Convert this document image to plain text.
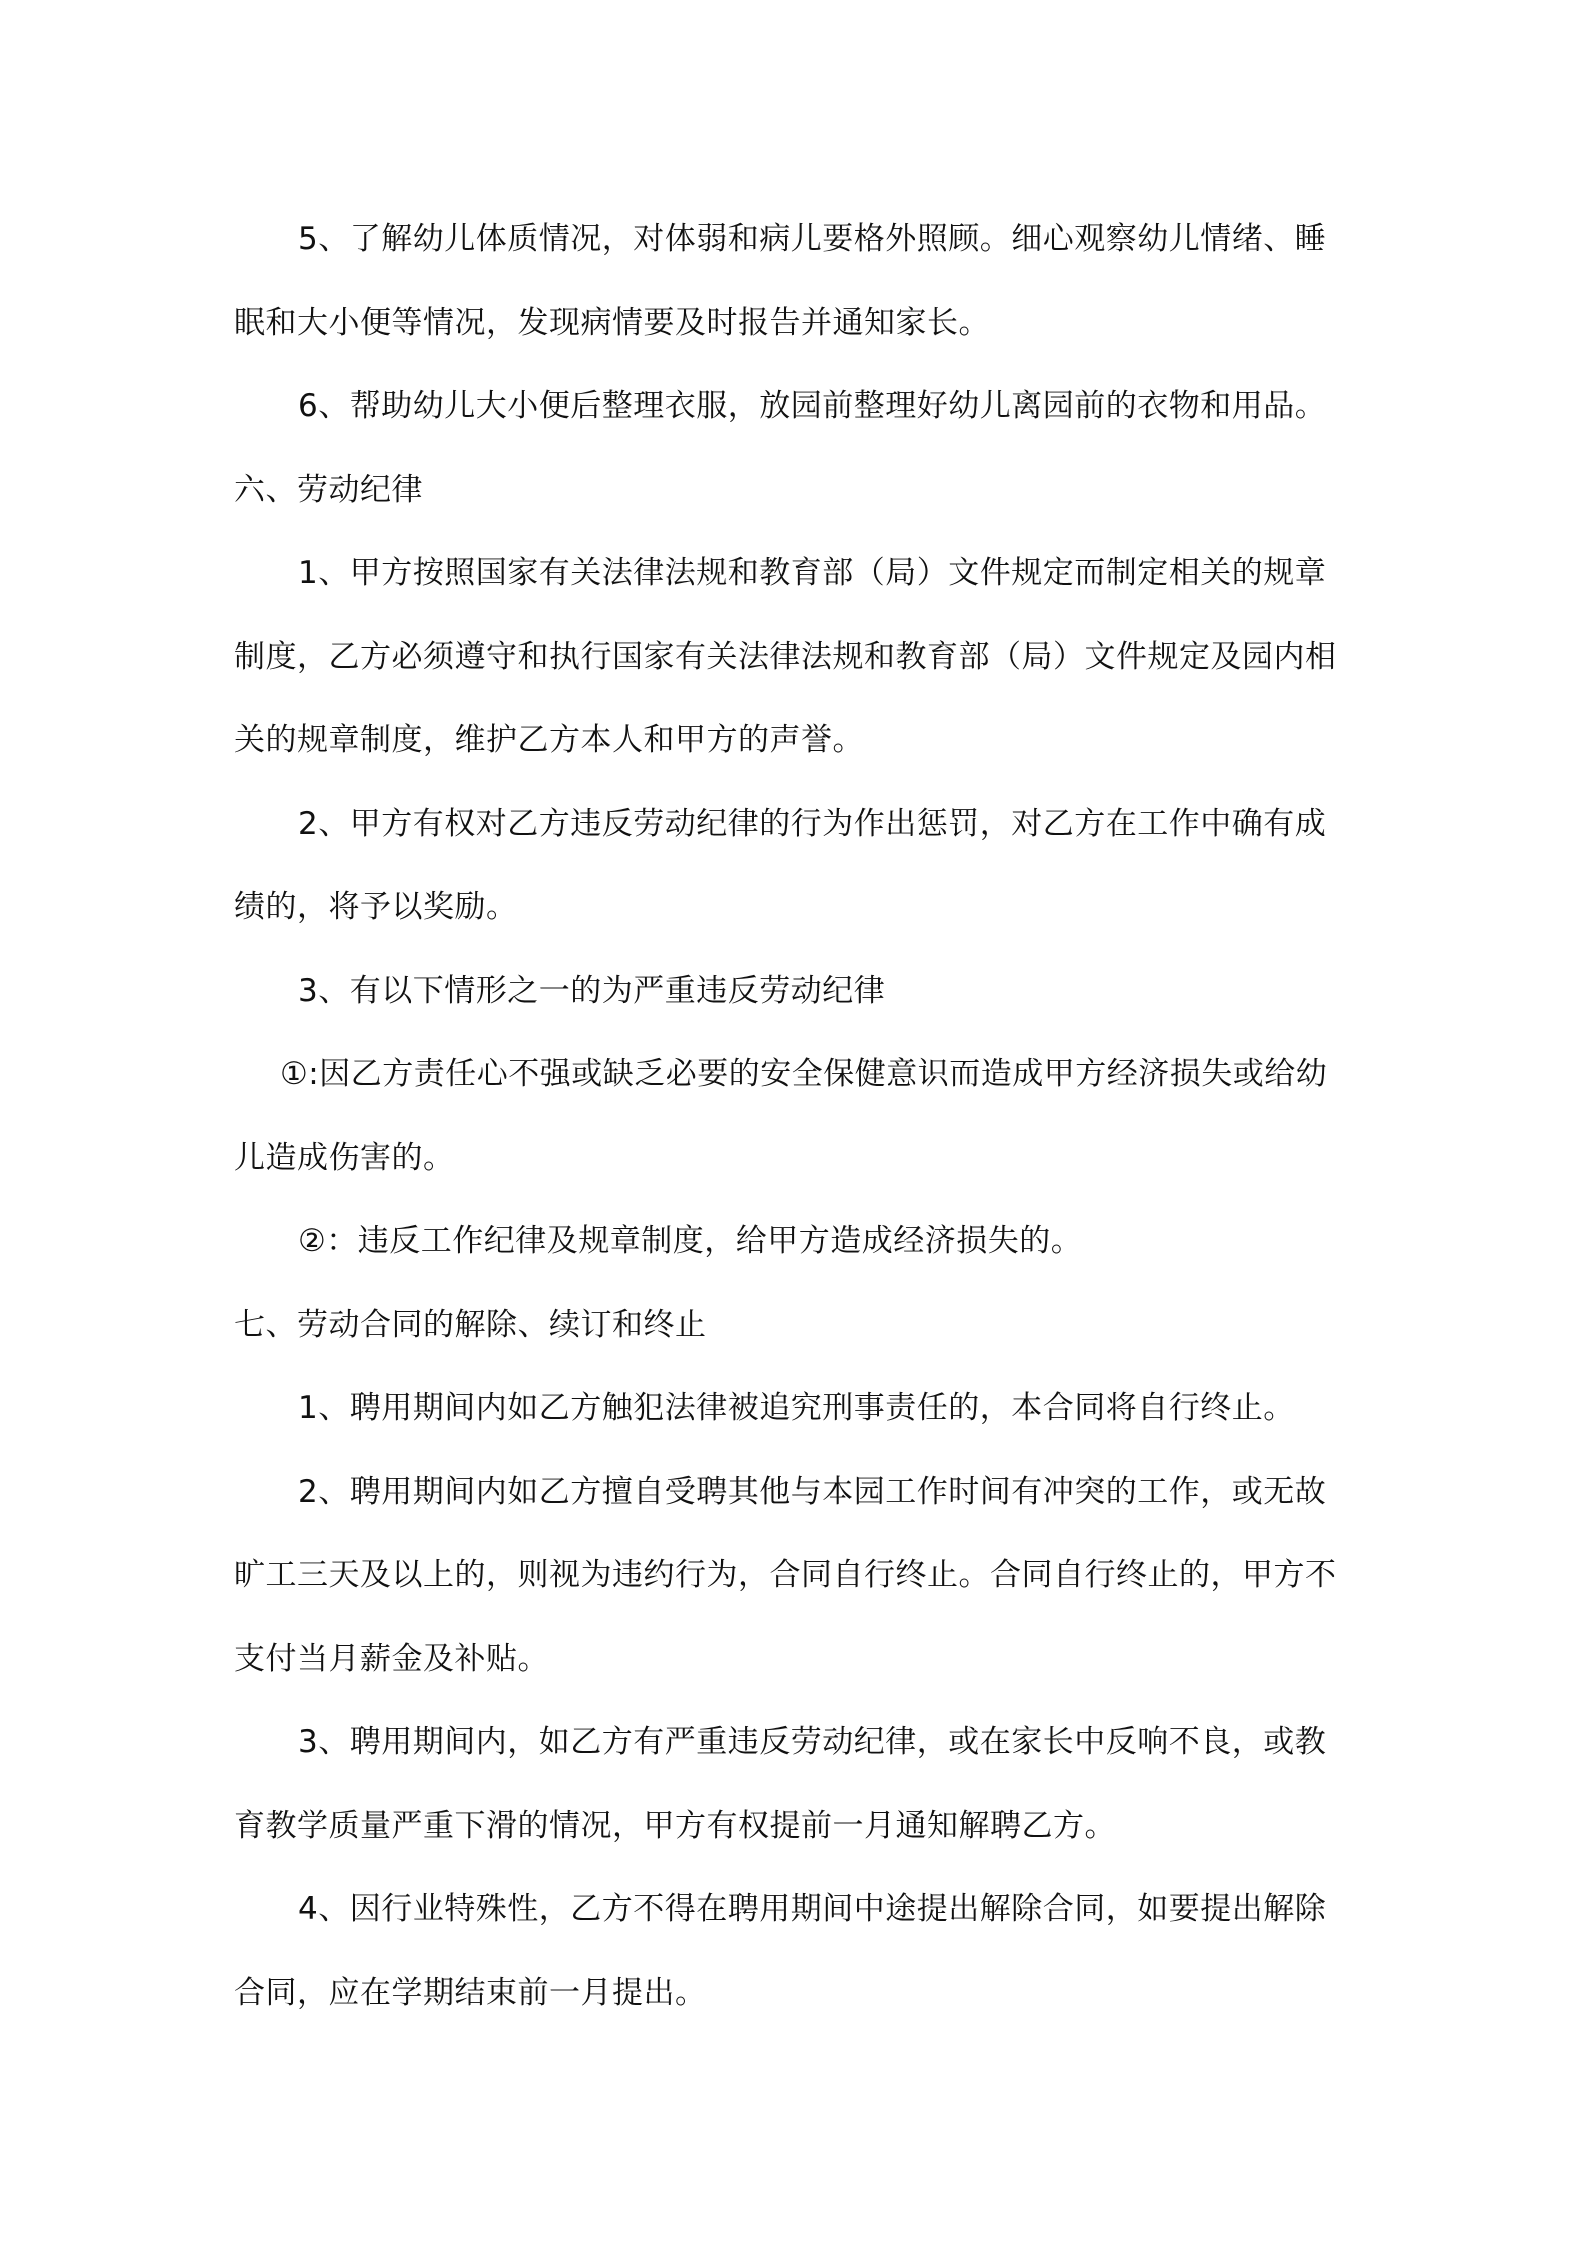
5、了解幼儿体质情况，对体弱和病儿要格外照顾。细心观察幼儿情绪、睡
眠和大小便等情况，发现病情要及时报告并通知家长。
6、帮助幼儿大小便后整理衣服，放园前整理好幼儿离园前的衣物和用品。
六、劳动纪律
1、甲方按照国家有关法律法规和教育部（局）文件规定而制定相关的规章
制度，乙方必须遵守和执行国家有关法律法规和教育部（局）文件规定及园内相
关的规章制度，维护乙方本人和甲方的声誉。
2、甲方有权对乙方违反劳动纪律的行为作出惩罚，对乙方在工作中确有成
绩的，将予以奖励。
3、有以下情形之一的为严重违反劳动纪律
①:因乙方责任心不强或缺乏必要的安全保健意识而造成甲方经济损失或给幼
儿造成伤害的。
②：违反工作纪律及规章制度，给甲方造成经济损失的。
七、劳动合同的解除、续订和终止
1、聘用期间内如乙方触犯法律被追究刑事责任的，本合同将自行终止。
2、聘用期间内如乙方擅自受聘其他与本园工作时间有冲突的工作，或无故
旷工三天及以上的，则视为违约行为，合同自行终止。合同自行终止的，甲方不
支付当月薪金及补贴。
3、聘用期间内，如乙方有严重违反劳动纪律，或在家长中反响不良，或教
育教学质量严重下滑的情况，甲方有权提前一月通知解聘乙方。
4、因行业特殊性，乙方不得在聘用期间中途提出解除合同，如要提出解除
合同，应在学期结束前一月提出。
